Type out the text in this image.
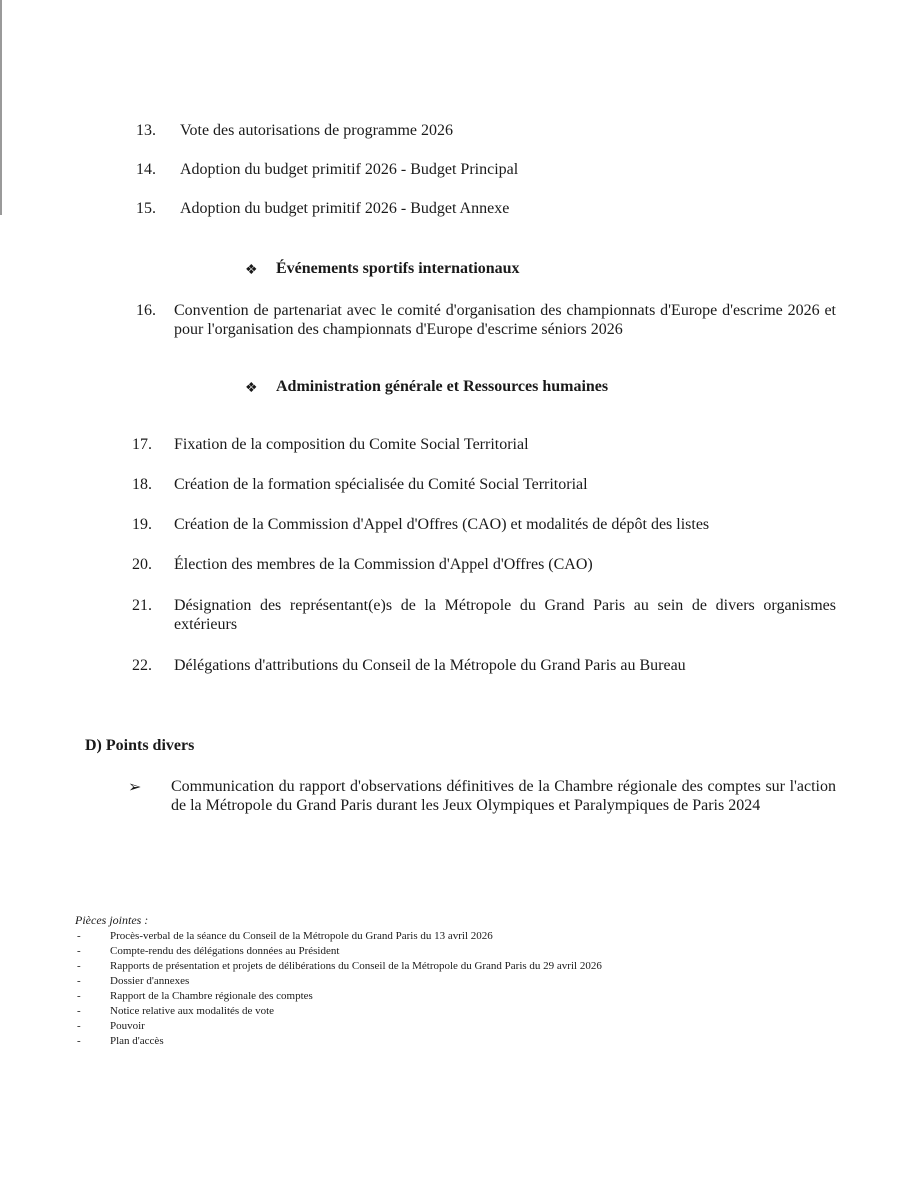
13.	Vote des autorisations de programme 2026
14.	Adoption du budget primitif 2026 - Budget Principal
15.	Adoption du budget primitif 2026 - Budget Annexe
❖ Événements sportifs internationaux
16.	Convention de partenariat avec le comité d'organisation des championnats d'Europe d'escrime 2026 et pour l'organisation des championnats d'Europe d'escrime séniors 2026
❖ Administration générale et Ressources humaines
17.	Fixation de la composition du Comite Social Territorial
18.	Création de la formation spécialisée du Comité Social Territorial
19.	Création de la Commission d'Appel d'Offres (CAO) et modalités de dépôt des listes
20.	Élection des membres de la Commission d'Appel d'Offres (CAO)
21.	Désignation des représentant(e)s de la Métropole du Grand Paris au sein de divers organismes extérieurs
22.	Délégations d'attributions du Conseil de la Métropole du Grand Paris au Bureau
D) Points divers
➢ Communication du rapport d'observations définitives de la Chambre régionale des comptes sur l'action de la Métropole du Grand Paris durant les Jeux Olympiques et Paralympiques de Paris 2024
Pièces jointes :
-	Procès-verbal de la séance du Conseil de la Métropole du Grand Paris du 13 avril 2026
-	Compte-rendu des délégations données au Président
-	Rapports de présentation et projets de délibérations du Conseil de la Métropole du Grand Paris du 29 avril 2026
-	Dossier d'annexes
-	Rapport de la Chambre régionale des comptes
-	Notice relative aux modalités de vote
-	Pouvoir
-	Plan d'accès
